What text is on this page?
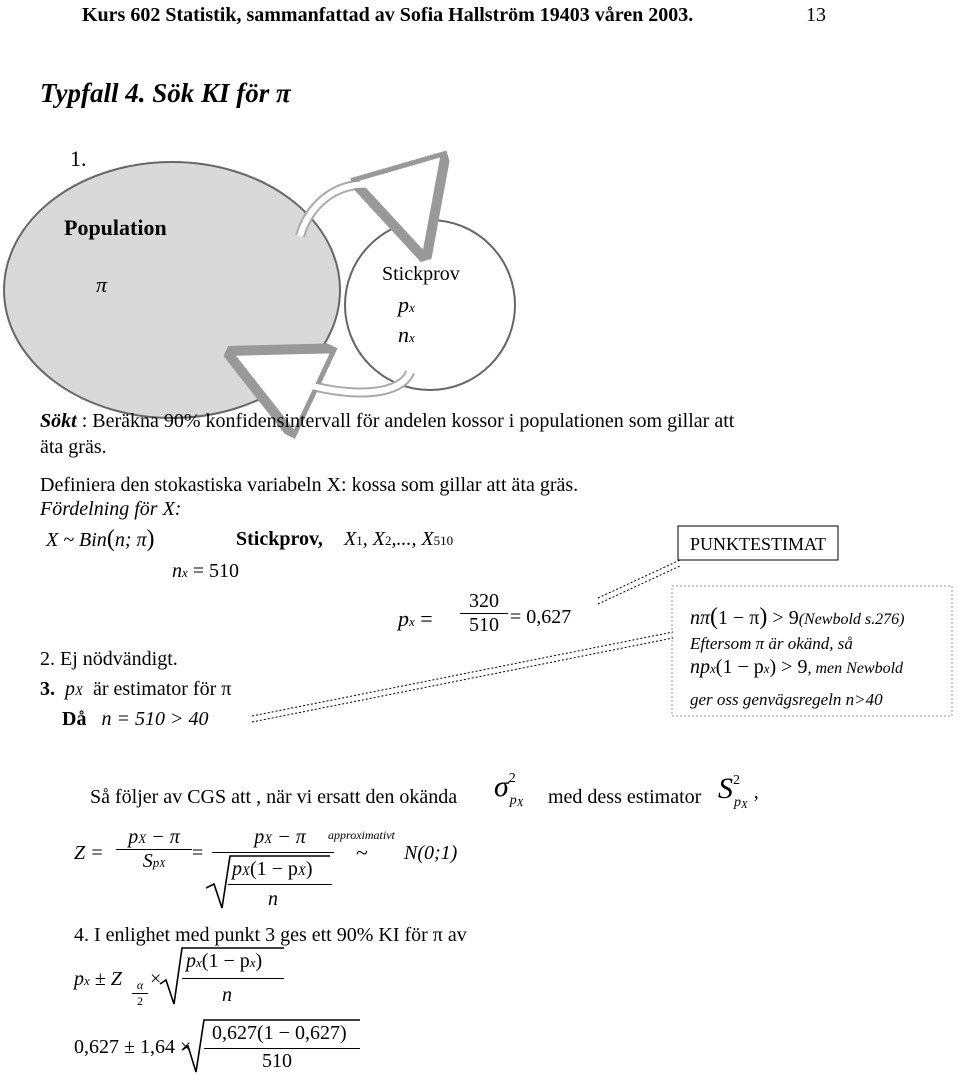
Kurs 602 Statistik, sammanfattad av Sofia Hallström 19403 våren 2003.	13
Typfall 4. Sök KI för π
1.
Population
π	Stickprov
px
nx
Sökt : Beräkna 90% konfidensintervall för andelen kossor i populationen som gillar att
äta gräs.
Definiera den stokastiska variabeln X: kossa som gillar att äta gräs.
Fördelning för X:
X ~ Bin(n; π)	Stickprov, X1, X2,..., X510
nx = 510
PUNKTESTIMAT
px = $\frac{320}{510} = 0,627$	nπ(1 − π) > 9(Newbold s.276)
Eftersom π är okänd, så
npx(1 − px) > 9, men Newbold
ger oss genvägsregeln n>40
2. Ej nödvändigt.
3. pX är estimator för π
Då n = 510 > 40
Så följer av CGS att , när vi ersatt den okända $\sigma^2_{pX}$	med dess estimator $S^2_{pX}$,
Z =
pX − π
SpX
=
pX − π
pX(1 − pX)
n
approximativt
~ N(0;1)
4. I enlighet med punkt 3 ges ett 90% KI för π av
px ± Z $\frac{\alpha}{2}$ ×
px(1 − px)
n
0,627 ± 1,64 ×
0,627(1 − 0,627)
510
